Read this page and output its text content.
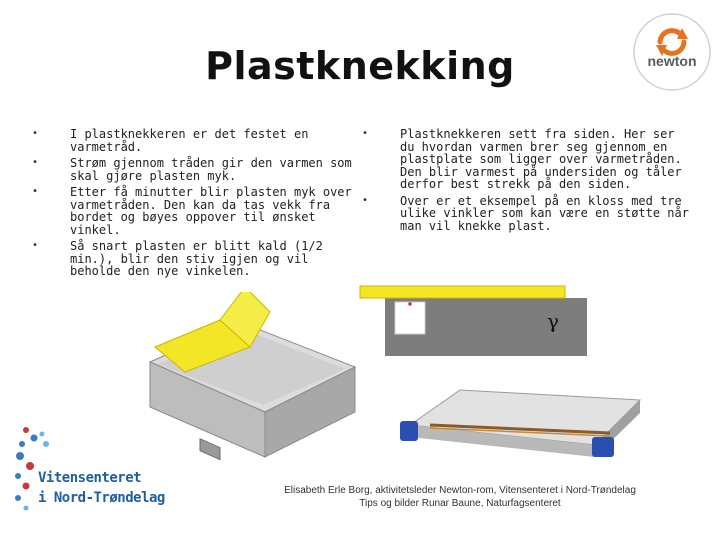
Plastknekking	newton
•	I plastknekkeren er det festet en varmetråd.
•	Strøm gjennom tråden gir den varmen som skal gjøre plasten myk.
•	Etter få minutter blir plasten myk over varmetråden. Den kan da tas vekk fra bordet og bøyes oppover til ønsket vinkel.
•	Så snart plasten er blitt kald (1/2 min.), blir den stiv igjen og vil beholde den nye vinkelen.
•	Plastknekkeren sett fra siden. Her ser du hvordan varmen brer seg gjennom en plastplate som ligger over varmetråden. Den blir varmest på undersiden og tåler derfor best strekk på den siden.
•	Over er et eksempel på en kloss med tre ulike vinkler som kan være en støtte når man vil knekke plast.
γ
Vitensenteret
i Nord-Trøndelag	Elisabeth Erle Borg, aktivitetsleder Newton-rom, Vitensenteret i Nord-Trøndelag
Tips og bilder Runar Baune, Naturfagsenteret
